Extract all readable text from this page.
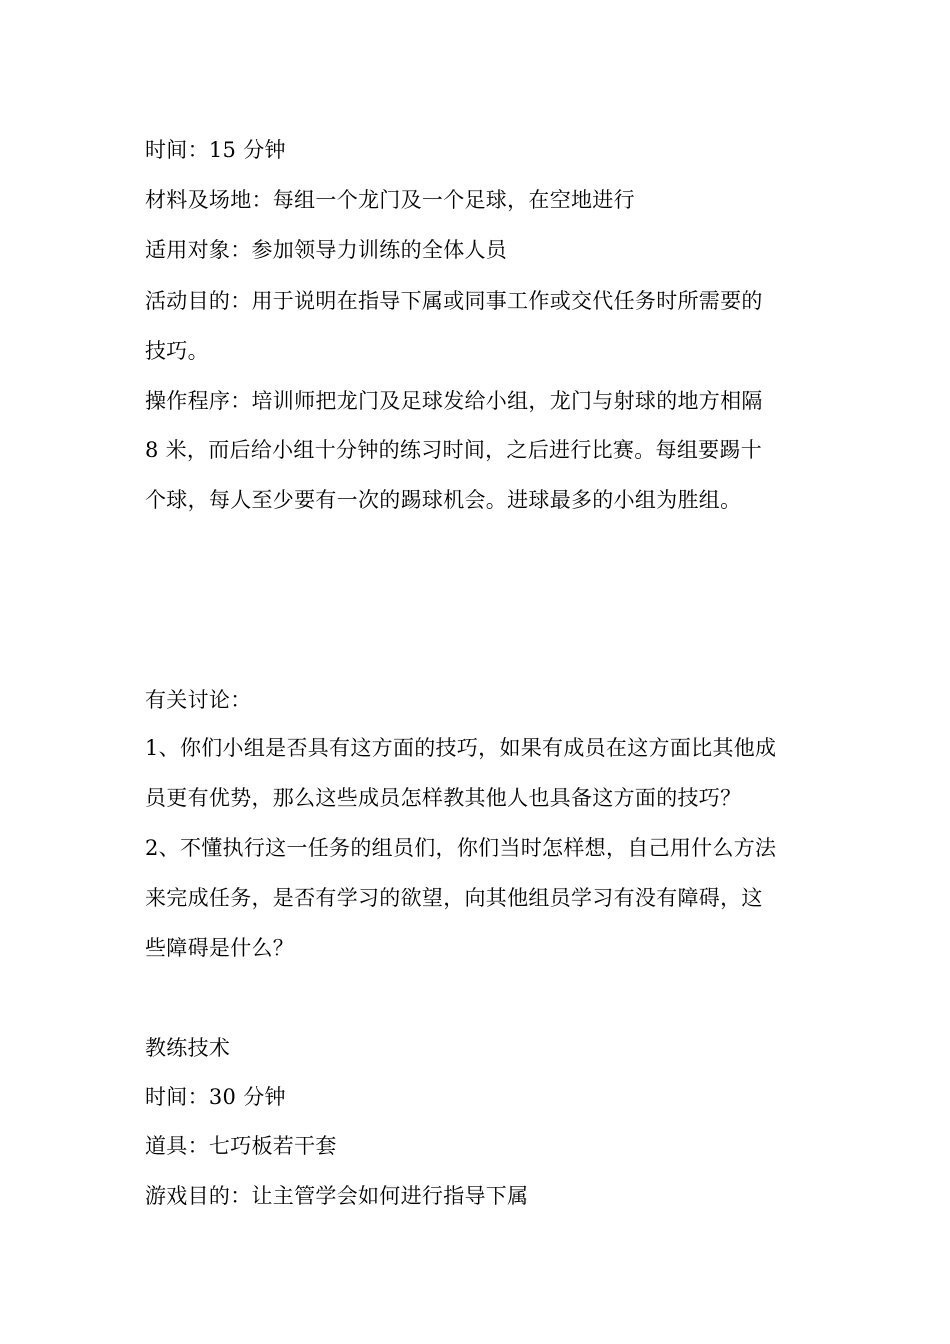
时间：15 分钟
材料及场地：每组一个龙门及一个足球，在空地进行
适用对象：参加领导力训练的全体人员
活动目的：用于说明在指导下属或同事工作或交代任务时所需要的
技巧。
操作程序：培训师把龙门及足球发给小组，龙门与射球的地方相隔
8 米，而后给小组十分钟的练习时间，之后进行比赛。每组要踢十
个球，每人至少要有一次的踢球机会。进球最多的小组为胜组。
有关讨论：
1、你们小组是否具有这方面的技巧，如果有成员在这方面比其他成
员更有优势，那么这些成员怎样教其他人也具备这方面的技巧？
2、不懂执行这一任务的组员们，你们当时怎样想，自己用什么方法
来完成任务，是否有学习的欲望，向其他组员学习有没有障碍，这
些障碍是什么？
教练技术
时间：30 分钟
道具：七巧板若干套
游戏目的：让主管学会如何进行指导下属
